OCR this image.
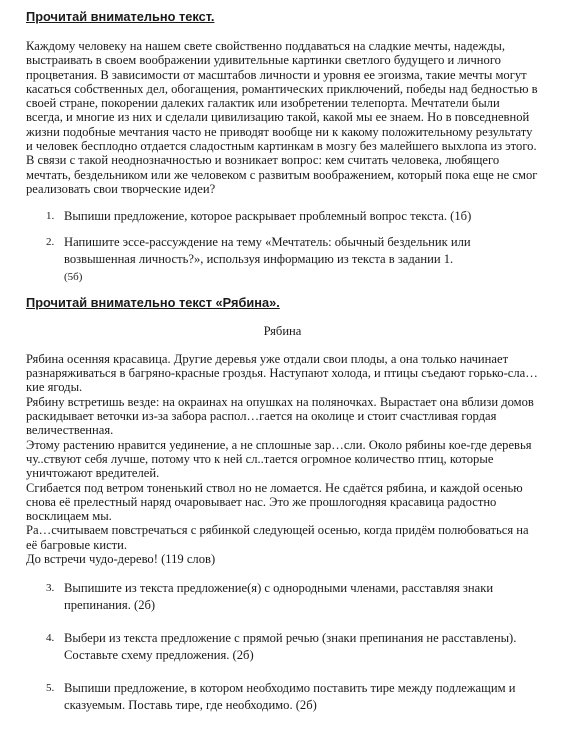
Прочитай внимательно текст.

Каждому человеку на нашем свете свойственно поддаваться на сладкие мечты, надежды, выстраивать в своем воображении удивительные картинки светлого будущего и личного процветания. В зависимости от масштабов личности и уровня ее эгоизма, такие мечты могут касаться собственных дел, обогащения, романтических приключений, победы над бедностью в своей стране, покорении далеких галактик или изобретении телепорта. Мечтатели были всегда, и многие из них и сделали цивилизацию такой, какой мы ее знаем. Но в повседневной жизни подобные мечтания часто не приводят вообще ни к какому положительному результату и человек бесплодно отдается сладостным картинкам в мозгу без малейшего выхлопа из этого. В связи с такой неоднозначностью и возникает вопрос: кем считать человека, любящего мечтать, бездельником или же человеком с развитым воображением, который пока еще не смог реализовать свои творческие идеи?

1. Выпиши предложение, которое раскрывает проблемный вопрос текста. (1б)
2. Напишите эссе-рассуждение на тему «Мечтатель: обычный бездельник или возвышенная личность?», используя информацию из текста в задании 1.
(5б)

Прочитай внимательно текст «Рябина».

Рябина

Рябина осенняя красавица. Другие деревья уже отдали свои плоды, а она только начинает разнаряживаться в багряно-красные гроздья. Наступают холода, и птицы съедают горько-сла…кие ягоды.

Рябину встретишь везде: на окраинах на опушках на поляночках. Вырастает она вблизи домов раскидывает веточки из-за забора распол…гается на околице и стоит счастливая гордая величественная.

Этому растению нравится уединение, а не сплошные зар…сли. Около рябины кое-где деревья чу..ствуют себя лучше, потому что к ней сл..тается огромное количество птиц, которые уничтожают вредителей.

Сгибается под ветром тоненький ствол но не ломается. Не сдаётся рябина, и каждой осенью снова её прелестный наряд очаровывает нас. Это же прошлогодняя красавица радостно восклицаем мы.

Ра…считываем повстречаться с рябинкой следующей осенью, когда придём полюбоваться на её багровые кисти.

До встречи чудо-дерево! (119 слов)

3. Выпишите из текста предложение(я) с однородными членами, расставляя знаки препинания. (2б)
4. Выбери из текста предложение с прямой речью (знаки препинания не расставлены). Составьте схему предложения. (2б)
5. Выпиши предложение, в котором необходимо поставить тире между подлежащим и сказуемым. Поставь тире, где необходимо. (2б)
